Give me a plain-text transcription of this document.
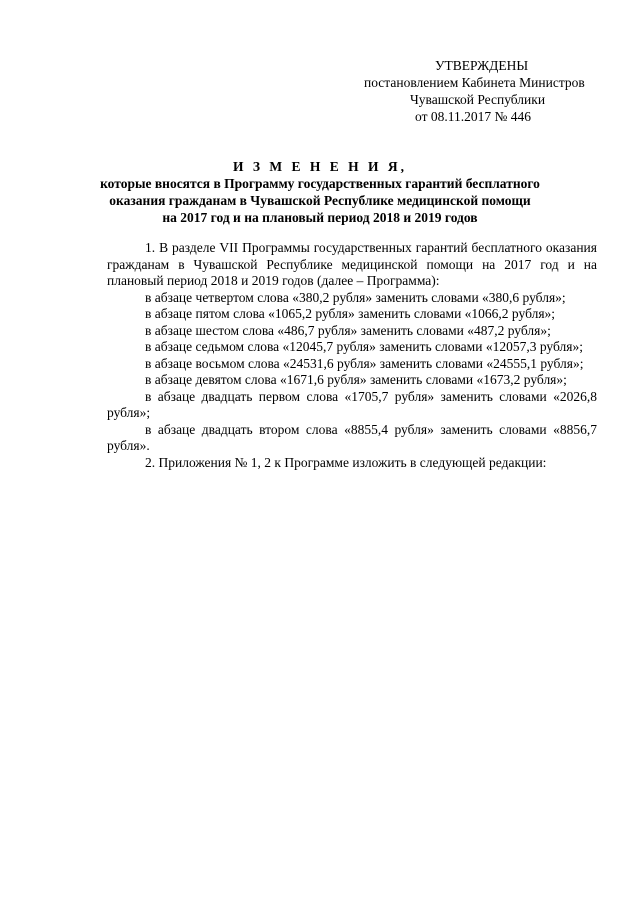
УТВЕРЖДЕНЫ
постановлением Кабинета Министров
Чувашской Республики
от 08.11.2017 № 446
И З М Е Н Е Н И Я,
которые вносятся в Программу государственных гарантий бесплатного
оказания гражданам в Чувашской Республике медицинской помощи
на 2017 год и на плановый период 2018 и 2019 годов

1. В разделе VII Программы государственных гарантий бесплатного оказания гражданам в Чувашской Республике медицинской помощи на 2017 год и на плановый период 2018 и 2019 годов (далее – Программа):

в абзаце четвертом слова «380,2 рубля» заменить словами «380,6 рубля»;

в абзаце пятом слова «1065,2 рубля» заменить словами «1066,2 рубля»;

в абзаце шестом слова «486,7 рубля» заменить словами «487,2 рубля»;

в абзаце седьмом слова «12045,7 рубля» заменить словами «12057,3 рубля»;

в абзаце восьмом слова «24531,6 рубля» заменить словами «24555,1 рубля»;

в абзаце девятом слова «1671,6 рубля» заменить словами «1673,2 рубля»;

в абзаце двадцать первом слова «1705,7 рубля» заменить словами «2026,8 рубля»;

в абзаце двадцать втором слова «8855,4 рубля» заменить словами «8856,7 рубля».

2. Приложения № 1, 2 к Программе изложить в следующей редакции:
